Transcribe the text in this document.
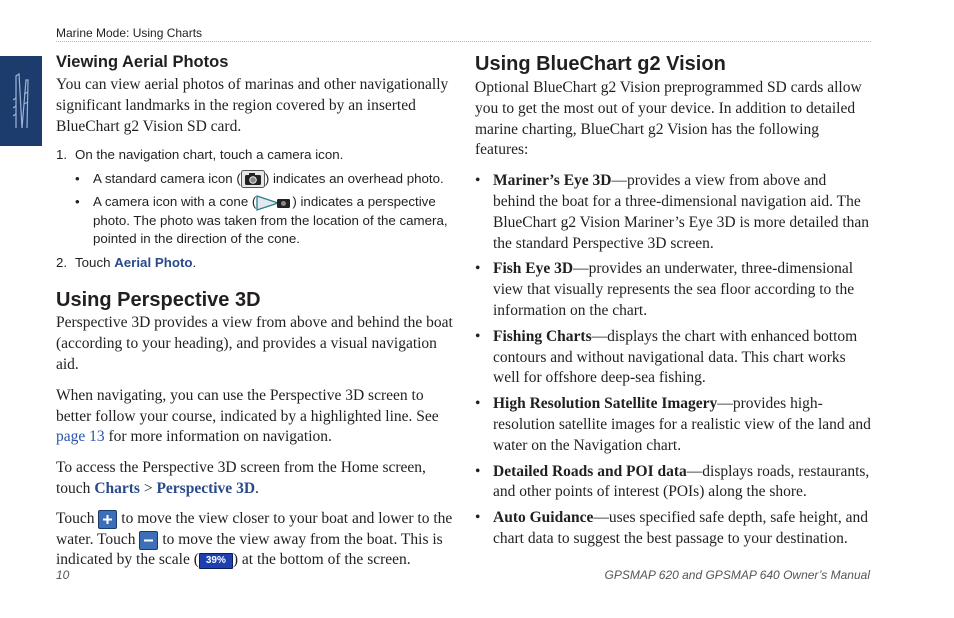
Marine Mode: Using Charts
Viewing Aerial Photos

You can view aerial photos of marinas and other navigationally significant landmarks in the region covered by an inserted BlueChart g2 Vision SD card.

1. On the navigation chart, touch a camera icon.
• A standard camera icon ( ) indicates an overhead photo.
• A camera icon with a cone (	) indicates a perspective photo. The photo was taken from the location of the camera, pointed in the direction of the cone.
2. Touch Aerial Photo.
Using Perspective 3D

Perspective 3D provides a view from above and behind the boat (according to your heading), and provides a visual navigation aid.

When navigating, you can use the Perspective 3D screen to better follow your course, indicated by a highlighted line. See page 13 for more information on navigation.

To access the Perspective 3D screen from the Home screen, touch Charts > Perspective 3D.

Touch
to move the view closer to your boat and lower to the water. Touch
to move the view away from the boat. This is indicated by the scale ( 39% ) at the bottom of the screen.

Using BlueChart g2 Vision

Optional BlueChart g2 Vision preprogrammed SD cards allow you to get the most out of your device. In addition to detailed marine charting, BlueChart g2 Vision has the following features:

• Mariner’s Eye 3D—provides a view from above and behind the boat for a three-dimensional navigation aid. The BlueChart g2 Vision Mariner’s Eye 3D is more detailed than the standard Perspective 3D screen.
• Fish Eye 3D—provides an underwater, three-dimensional view that visually represents the sea floor according to the information on the chart.
• Fishing Charts—displays the chart with enhanced bottom contours and without navigational data. This chart works well for offshore deep-sea fishing.
• High Resolution Satellite Imagery—provides high-resolution satellite images for a realistic view of the land and water on the Navigation chart.
• Detailed Roads and POI data—displays roads, restaurants, and other points of interest (POIs) along the shore.
• Auto Guidance—uses specified safe depth, safe height, and chart data to suggest the best passage to your destination.
10	GPSMAP 620 and GPSMAP 640 Owner’s Manual
